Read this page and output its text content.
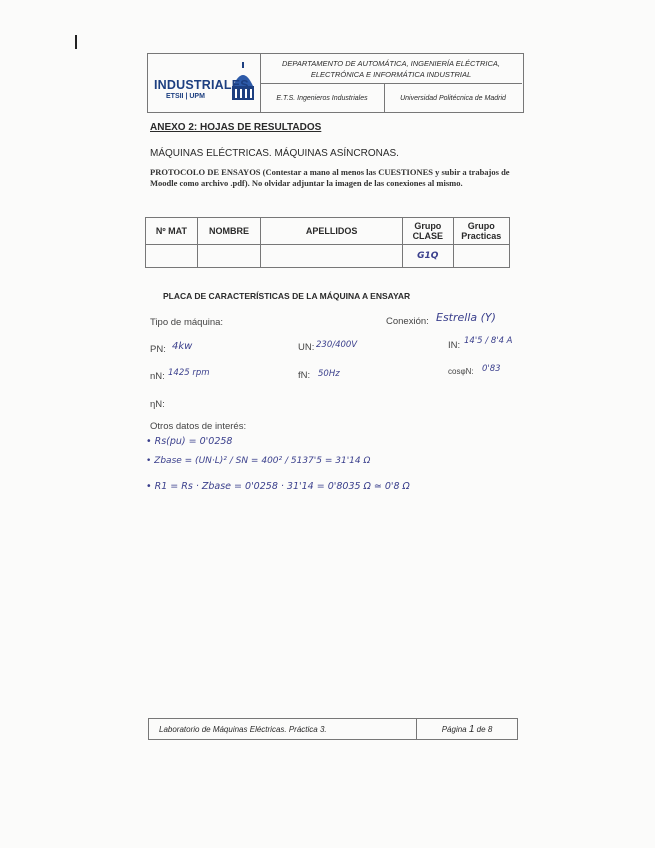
INDUSTRIALES
ETSII | UPM
DEPARTAMENTO DE AUTOMÁTICA, INGENIERÍA ELÉCTRICA, ELECTRÓNICA E INFORMÁTICA INDUSTRIAL
E.T.S. Ingenieros Industriales	Universidad Politécnica de Madrid
ANEXO 2: HOJAS DE RESULTADOS
MÁQUINAS ELÉCTRICAS. MÁQUINAS ASÍNCRONAS.
PROTOCOLO DE ENSAYOS (Contestar a mano al menos las CUESTIONES y subir a trabajos de Moodle como archivo .pdf). No olvidar adjuntar la imagen de las conexiones al mismo.
Nº MAT	NOMBRE	APELLIDOS	Grupo CLASE	Grupo Practicas
			G1Q	
PLACA DE CARACTERÍSTICAS DE LA MÁQUINA A ENSAYAR
Tipo de máquina:	Conexión: Estrella (Y)
PN: 4kw	UN: 230/400V	IN: 14'5 / 8'4 A
nN: 1425 rpm	fN: 50Hz	cosφN: 0'83
ηN:
Otros datos de interés:
• Rs(pu) = 0'0258
• Zbase = (UN·L)² / SN = 400² / 5137'5 = 31'14 Ω
• R1 = Rs · Zbase = 0'0258 · 31'14 = 0'8035 Ω ≃ 0'8 Ω
Laboratorio de Máquinas Eléctricas. Práctica 3.	Página
1
de
8
